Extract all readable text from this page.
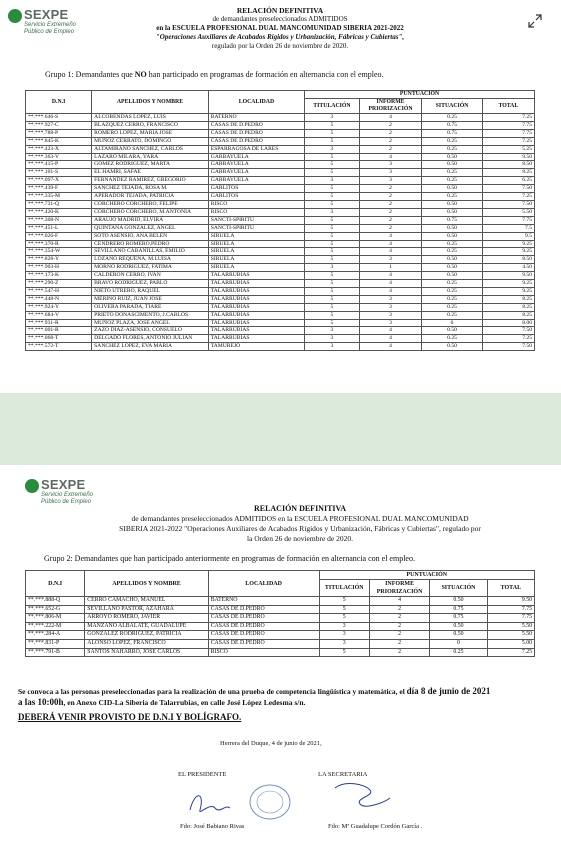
SEXPE
Servicio Extremeño
Público de Empleo
RELACIÓN DEFINITIVA
de demandantes preseleccionados ADMITIDOS
en la ESCUELA PROFESIONAL DUAL MANCOMUNIDAD SIBERIA 2021-2022
"Operaciones Auxiliares de Acabados Rígidos y Urbanización, Fábricas y Cubiertas",
regulado por la Orden 26 de noviembre de 2020.
Grupo 1: Demandantes que NO han participado en programas de formación en alternancia con el empleo.
D.N.I	APELLIDOS Y NOMBRE	LOCALIDAD	PUNTUACIÓN			
			TITULACIÓN	INFORME PRIORIZACIÓN	SITUACIÓN	TOTAL
**.***.646-S	ALCOBENDAS LOPEZ, LUIS	BATERNO	3	4	0.25	7.25
**.***.927-C	BLAZQUEZ CERRO, FRANCISCO	CASAS DE D.PEDRO	5	2	0.75	7.75
**.***.788-P	ROMERO LOPEZ, MARIA JOSE	CASAS DE D.PEDRO	5	2	0.75	7.75
**.***.845-K	MUÑOZ CERRATO, DOMINGO	CASAS DE D.PEDRO	5	2	0.25	7.25
**.***.423-X	ALTAMIRANO SANCHEZ, CARLOS	ESPARRAGOSA DE LARES	3	2	0.25	5.25
**.***.363-V	LAZARO MILARA, YARA	GARBAYUELA	5	4	0.50	9.50
**.***.415-P	GOMEZ RODRIGUEZ, MARTA	GARBAYUELA	5	3	0.50	8.50
**.***.101-S	EL HAMRI, SAFAE	GARBAYUELA	5	3	0.25	8.25
**.***.097-X	FERNANDEZ RAMIREZ, GREGORIO	GARBAYUELA	3	3	0.25	6.25
**.***.439-F	SANCHEZ TEJADA, ROSA M.	GARLITOS	5	2	0.50	7.50
**.***.335-M	APERADOR TEJADA, PATRICIA	GARLITOS	5	2	0.25	7.25
**.***.731-Q	CORCHERO CORCHERO, FELIPE	RISCO	5	2	0.50	7.50
**.***.420-K	CORCHERO CORCHERO, M.ANTONIA	RISCO	3	2	0.50	5.50
**.***.308-N	ARAUJO MADRID, ELVIRA	SANCTI-SPIRITU	5	2	0.75	7.75
**.***.451-L	QUINTANA GONZALEZ, ANGEL	SANCTI-SPIRITU	5	2	0.50	7.5
**.***.026-F	SOTO ASENSIO, ANA BELEN	SIRUELA	5	4	0.50	9.5
**.***.370-R	CENDRERO ROMERO,PEDRO	SIRUELA	5	4	0.25	9.25
**.***.354-W	SEVILLANO CABANILLAS, EMILIO	SIRUELA	5	4	0.25	9.25
**.***.828-Y	LOZANO REQUENA, M.LUISA	SIRUELA	5	3	0.50	8.50
**.***.903-H	MORNO RODRIGUEZ, FATIMA	SIRUELA	3	1	0.50	4.50
**.***.173-K	CALDERON CERRO, IVAN	TALARRUBIAS	5	4	0.50	9.50
**.***.290-Z	BRAVO RODRIGUEZ, PABLO	TALARRUBIAS	5	4	0.25	9.25
**.***.547-H	NIETO UTRERO, RAQUEL	TALARRUBIAS	5	4	0.25	9.25
**.***.448-N	MERINO RUIZ, JUAN JOSE	TALARRUBIAS	5	3	0.25	8.25
**.***.924-Y	OLIVERA PARADA, TIARE	TALARRUBIAS	5	3	0.25	8.25
**.***.684-V	PRIETO DONASCIMENTO, J.CARLOS	TALARRUBIAS	5	3	0.25	8.25
**.***.931-R	MUÑOZ PLAZA, JOSE ANGEL	TALARRUBIAS	5	3	0	8.00
**.***.001-R	ZAZO DIAZ-ASENSIO, CONSUELO	TALARRUBIAS	3	4	0.50	7.50
**.***.068-T	DELGADO FLORES, ANTONIO JULIAN	TALARRUBIAS	3	4	0.25	7.25
**.***.572-T	SANCHEZ LOPEZ, EVA MARIA	TAMUREJO	3	4	0.50	7.50
SEXPE
Servicio Extremeño
Público de Empleo
RELACIÓN DEFINITIVA
de demandantes preseleccionados ADMITIDOS en la ESCUELA PROFESIONAL DUAL MANCOMUNIDAD
SIBERIA 2021-2022 "Operaciones Auxiliares de Acabados Rígidos y Urbanización, Fábricas y Cubiertas", regulado por
la Orden 26 de noviembre de 2020.
Grupo 2: Demandantes que han participado anteriormente en programas de formación en alternancia con el empleo.
D.N.I	APELLIDOS Y NOMBRE	LOCALIDAD	PUNTUACIÓN			
			TITULACIÓN	INFORME PRIORIZACIÓN	SITUACIÓN	TOTAL
**.***.888-Q	CERRO CAMACHO, MANUEL	BATERNO	5	4	0.50	9.50
**.***.652-G	SEVILLANO PASTOR, AZAHARA	CASAS DE D.PEDRO	5	2	0.75	7.75
**.***.806-M	ARROYO ROMERO, JAVIER	CASAS DE D.PEDRO	5	2	0.75	7.75
**.***.222-M	MANZANO ALBALATE, GUADALUPE	CASAS DE D.PEDRO	3	2	0.50	5.50
**.***.284-A	GONZALEZ RODRIGUEZ, PATRICIA	CASAS DE D.PEDRO	3	2	0.50	5.50
**.***.831-P	ALONSO LOPEZ, FRANCISCO	CASAS DE D.PEDRO	3	2	0	5.00
**.***.791-B	SANTOS NAHARRO, JOSE CARLOS	RISCO	5	2	0.25	7.25
Se convoca a las personas preseleccionadas para la realización de una prueba de competencia lingüística y matemática, el día 8 de junio de 2021
a las 10:00h, en Anexo CID-La Siberia de Talarrubias, en calle José López Ledesma s/n.
DEBERÁ VENIR PROVISTO DE D.N.I Y BOLÍGRAFO.
Herrera del Duque, 4 de junio de 2021,
EL PRESIDENTE	LA SECRETARIA
Fdo: José Babiano Rivas	Fdo: Mª Guadalupe Cordón García .
